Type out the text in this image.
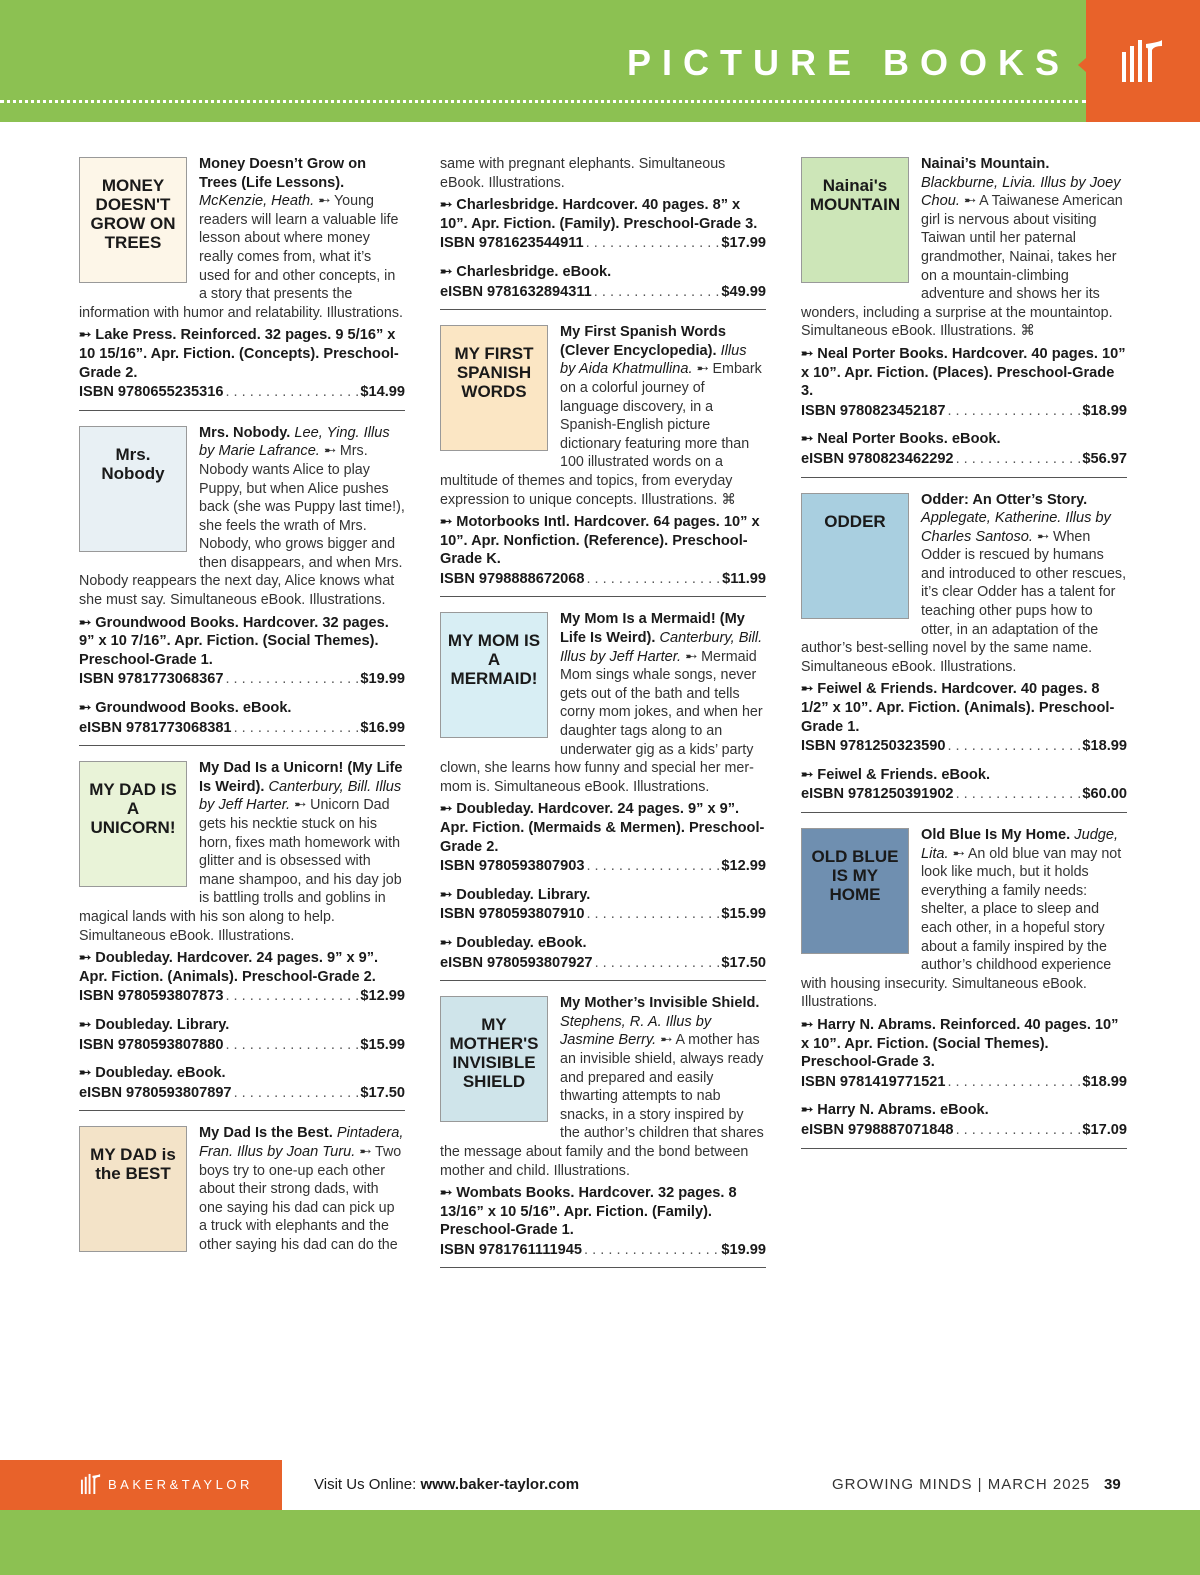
PICTURE BOOKS
MONEY DOESN'T GROW ON TREES
Money Doesn’t Grow on Trees (Life Lessons). McKenzie, Heath. ➸ Young readers will learn a valuable life lesson about where money really comes from, what it’s used for and other concepts, in a story that presents the information with humor and relatability. Illustrations.
➸ Lake Press. Reinforced. 32 pages. 9 5/16” x 10 15/16”. Apr. Fiction. (Concepts). Preschool-Grade 2.
ISBN 9780655235316 . . .	$14.99
Mrs. Nobody
Mrs. Nobody. Lee, Ying. Illus by Marie Lafrance. ➸ Mrs. Nobody wants Alice to play Puppy, but when Alice pushes back (she was Puppy last time!), she feels the wrath of Mrs. Nobody, who grows bigger and then disappears, and when Mrs. Nobody reappears the next day, Alice knows what she must say. Simultaneous eBook. Illustrations.
➸ Groundwood Books. Hardcover. 32 pages. 9” x 10 7/16”. Apr. Fiction. (Social Themes). Preschool-Grade 1.
ISBN 9781773068367 . . .	$19.99
➸ Groundwood Books. eBook.
eISBN 9781773068381 . . .	$16.99
MY DAD IS A UNICORN!
My Dad Is a Unicorn! (My Life Is Weird). Canterbury, Bill. Illus by Jeff Harter. ➸ Unicorn Dad gets his necktie stuck on his horn, fixes math homework with glitter and is obsessed with mane shampoo, and his day job is battling trolls and goblins in magical lands with his son along to help. Simultaneous eBook. Illustrations.
➸ Doubleday. Hardcover. 24 pages. 9” x 9”. Apr. Fiction. (Animals). Preschool-Grade 2.
ISBN 9780593807873 . . .	$12.99
➸ Doubleday. Library.
ISBN 9780593807880 . . .	$15.99
➸ Doubleday. eBook.
eISBN 9780593807897 . . .	$17.50
MY DAD is the BEST
My Dad Is the Best. Pintadera, Fran. Illus by Joan Turu. ➸ Two boys try to one-up each other about their strong dads, with one saying his dad can pick up a truck with elephants and the other saying his dad can do the
same with pregnant elephants. Simultaneous eBook. Illustrations.
➸ Charlesbridge. Hardcover. 40 pages. 8” x 10”. Apr. Fiction. (Family). Preschool-Grade 3.
ISBN 9781623544911 . . .	$17.99
➸ Charlesbridge. eBook.
eISBN 9781632894311 . . .	$49.99
MY FIRST SPANISH WORDS
My First Spanish Words (Clever Encyclopedia). Illus by Aida Khatmullina. ➸ Embark on a colorful journey of language discovery, in a Spanish-English picture dictionary featuring more than 100 illustrated words on a multitude of themes and topics, from everyday expression to unique concepts. Illustrations. ⌘
➸ Motorbooks Intl. Hardcover. 64 pages. 10” x 10”. Apr. Nonfiction. (Reference). Preschool-Grade K.
ISBN 9798888672068 . . .	$11.99
MY MOM IS A MERMAID!
My Mom Is a Mermaid! (My Life Is Weird). Canterbury, Bill. Illus by Jeff Harter. ➸ Mermaid Mom sings whale songs, never gets out of the bath and tells corny mom jokes, and when her daughter tags along to an underwater gig as a kids’ party clown, she learns how funny and special her mer-mom is. Simultaneous eBook. Illustrations.
➸ Doubleday. Hardcover. 24 pages. 9” x 9”. Apr. Fiction. (Mermaids & Mermen). Preschool-Grade 2.
ISBN 9780593807903 . . .	$12.99
➸ Doubleday. Library.
ISBN 9780593807910 . . .	$15.99
➸ Doubleday. eBook.
eISBN 9780593807927 . . .	$17.50
MY MOTHER'S INVISIBLE SHIELD
My Mother’s Invisible Shield. Stephens, R. A. Illus by Jasmine Berry. ➸ A mother has an invisible shield, always ready and prepared and easily thwarting attempts to nab snacks, in a story inspired by the author’s children that shares the message about family and the bond between mother and child. Illustrations.
➸ Wombats Books. Hardcover. 32 pages. 8 13/16” x 10 5/16”. Apr. Fiction. (Family). Preschool-Grade 1.
ISBN 9781761111945 . . .	$19.99
Nainai's MOUNTAIN
Nainai’s Mountain. Blackburne, Livia. Illus by Joey Chou. ➸ A Taiwanese American girl is nervous about visiting Taiwan until her paternal grandmother, Nainai, takes her on a mountain-climbing adventure and shows her its wonders, including a surprise at the mountaintop. Simultaneous eBook. Illustrations. ⌘
➸ Neal Porter Books. Hardcover. 40 pages. 10” x 10”. Apr. Fiction. (Places). Preschool-Grade 3.
ISBN 9780823452187 . . .	$18.99
➸ Neal Porter Books. eBook.
eISBN 9780823462292 . . .	$56.97
ODDER
Odder: An Otter’s Story. Applegate, Katherine. Illus by Charles Santoso. ➸ When Odder is rescued by humans and introduced to other rescues, it’s clear Odder has a talent for teaching other pups how to otter, in an adaptation of the author’s best-selling novel by the same name. Simultaneous eBook. Illustrations.
➸ Feiwel & Friends. Hardcover. 40 pages. 8 1/2” x 10”. Apr. Fiction. (Animals). Preschool-Grade 1.
ISBN 9781250323590 . . .	$18.99
➸ Feiwel & Friends. eBook.
eISBN 9781250391902 . . .	$60.00
OLD BLUE IS MY HOME
Old Blue Is My Home. Judge, Lita. ➸ An old blue van may not look like much, but it holds everything a family needs: shelter, a place to sleep and each other, in a hopeful story about a family inspired by the author’s childhood experience with housing insecurity. Simultaneous eBook. Illustrations.
➸ Harry N. Abrams. Reinforced. 40 pages. 10” x 10”. Apr. Fiction. (Social Themes). Preschool-Grade 3.
ISBN 9781419771521 . . .	$18.99
➸ Harry N. Abrams. eBook.
eISBN 9798887071848 . . .	$17.09
BAKER&TAYLOR	Visit Us Online: www.baker-taylor.com	GROWING MINDS | MARCH 2025 39
